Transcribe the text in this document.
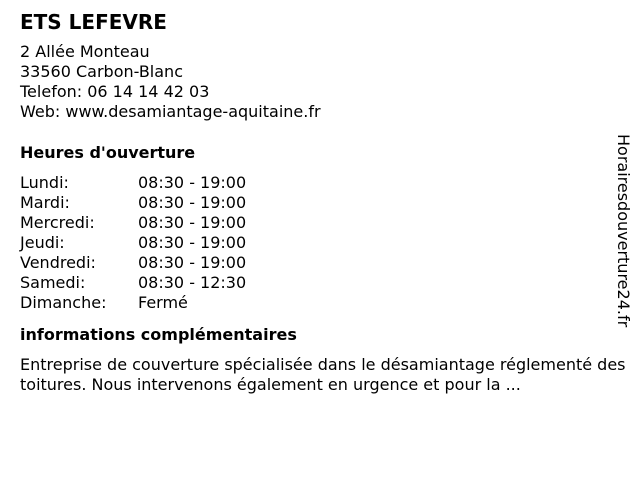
ETS LEFEVRE
2 Allée Monteau
33560 Carbon-Blanc
Telefon: 06 14 14 42 03
Web: www.desamiantage-aquitaine.fr
Heures d'ouverture
Lundi:	08:30 - 19:00
Mardi:	08:30 - 19:00
Mercredi:	08:30 - 19:00
Jeudi:	08:30 - 19:00
Vendredi:	08:30 - 19:00
Samedi:	08:30 - 12:30
Dimanche:	Fermé
informations complémentaires
Entreprise de couverture spécialisée dans le désamiantage réglementé des toitures. Nous intervenons également en urgence et pour la ...
Horairesdouverture24.fr
